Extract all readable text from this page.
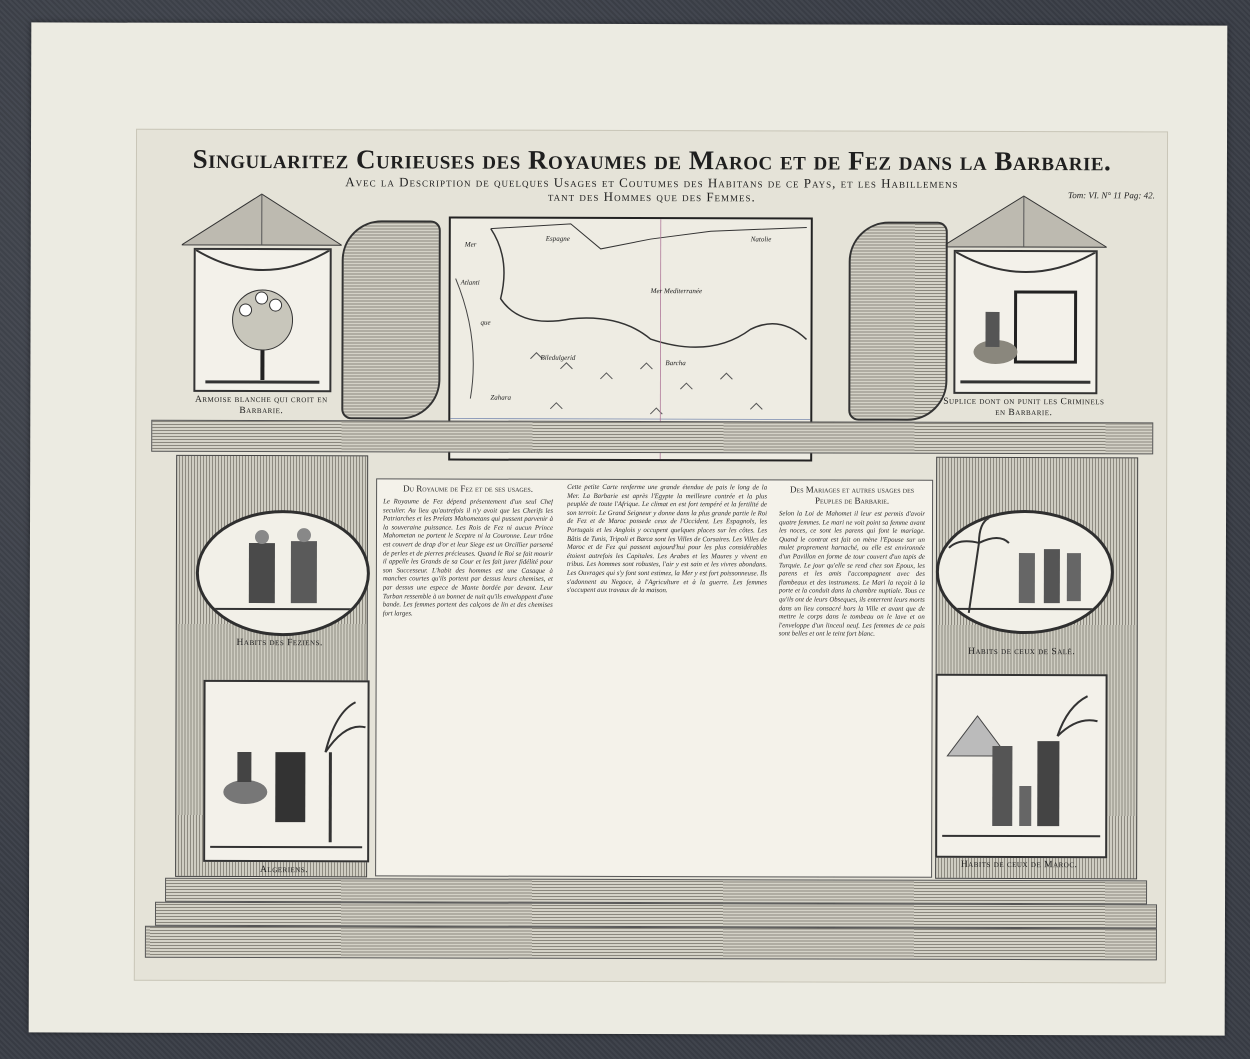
Singularitez Curieuses des Royaumes de Maroc et de Fez dans la Barbarie.
Avec la Description de quelques Usages et Coutumes des Habitans de ce Pays, et les Habillemens
tant des Hommes que des Femmes.	Tom: VI. N° 11 Pag: 42.
Armoise blanche qui croit en Barbarie.
Suplice dont on punit les Criminels en Barbarie.
Mer
Atlanti
que
Espagne	Natolie
Mer Mediterranée
Biledulgerid
Barcha
Zahara
Habits des Feziens.
Algeriens.
Habits de ceux de Salé.
Habits de ceux de Maroc.
Du Royaume de Fez et de ses usages.
Le Royaume de Fez dépend présentement d'un seul Chef seculier. Au lieu qu'autrefois il n'y avoit que les Cherifs les Patriarches et les Prelats Mahometans qui pussent parvenir à la souveraine puissance. Les Rois de Fez ni aucun Prince Mahometan ne portent le Sceptre ni la Couronne. Leur trône est couvert de drap d'or et leur Siege est un Orcillier parsemé de perles et de pierres précieuses. Quand le Roi se fait mourir il appelle les Grands de sa Cour et les fait jurer fidélité pour son Successeur. L'habit des hommes est une Casaque à manches courtes qu'ils portent par dessus leurs chemises, et par dessus une espece de Mante bordée par devant. Leur Turban ressemble à un bonnet de nuit qu'ils enveloppent d'une bande. Les femmes portent des calçons de lin et des chemises fort larges.
Cette petite Carte renferme une grande étendue de pais le long de la Mer. La Barbarie est après l'Egypte la meilleure contrée et la plus peuplée de toute l'Afrique. Le climat en est fort tempéré et la fertilité de son terroir. Le Grand Seigneur y donne dans la plus grande partie le Roi de Fez et de Maroc possede ceux de l'Occident. Les Espagnols, les Portugais et les Anglois y occupent quelques places sur les côtes. Les Bâtis de Tunis, Tripoli et Barca sont les Villes de Corsaires. Les Villes de Maroc et de Fez qui passent aujourd'hui pour les plus considérables étoient autrefois les Capitales. Les Arabes et les Maures y vivent en tribus. Les hommes sont robustes, l'air y est sain et les vivres abondans. Les Ouvrages qui s'y font sont estimez, la Mer y est fort poissonneuse. Ils s'adonnent au Negoce, à l'Agriculture et à la guerre. Les femmes s'occupent aux travaux de la maison.
Des Mariages et autres usages des Peuples de Barbarie.
Selon la Loi de Mahomet il leur est permis d'avoir quatre femmes. Le mari ne voit point sa femme avant les noces, ce sont les parens qui font le mariage. Quand le contrat est fait on mène l'Epouse sur un mulet proprement harnaché, ou elle est environnée d'un Pavillon en forme de tour couvert d'un tapis de Turquie. Le jour qu'elle se rend chez son Epoux, les parens et les amis l'accompagnent avec des flambeaux et des instrumens. Le Mari la reçoit à la porte et la conduit dans la chambre nuptiale. Tous ce qu'ils ont de leurs Obseques, ils enterrent leurs morts dans un lieu consacré hors la Ville et avant que de mettre le corps dans le tombeau on le lave et on l'enveloppe d'un linceul neuf. Les femmes de ce pais sont belles et ont le teint fort blanc.
